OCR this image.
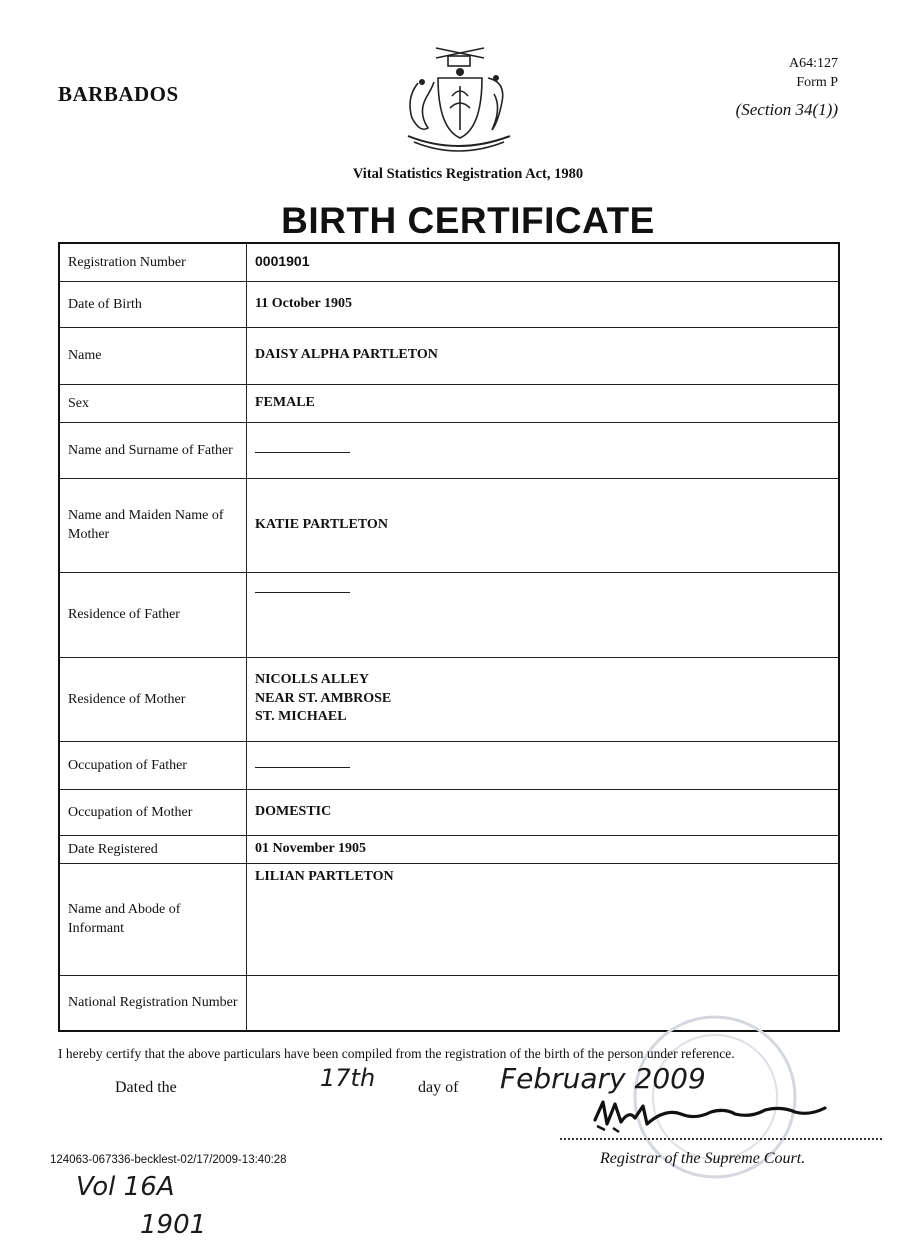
BARBADOS
A64:127
Form P
(Section 34(1))
Vital Statistics Registration Act, 1980
BIRTH CERTIFICATE
Registration Number	0001901
Date of Birth	11 October 1905
Name	DAISY ALPHA PARTLETON
Sex	FEMALE
Name and Surname of Father	
Name and Maiden Name of Mother	KATIE PARTLETON
Residence of Father	
Residence of Mother	NICOLLS ALLEY
NEAR ST. AMBROSE
ST. MICHAEL

Occupation of Father	
Occupation of Mother	DOMESTIC
Date Registered	01 November 1905
Name and Abode of Informant	LILIAN PARTLETON
National Registration Number	
I hereby certify that the above particulars have been compiled from the registration of the birth of the person under reference.
Dated the	17th	day of February 2009
Registrar of the Supreme Court.
124063-067336-becklest-02/17/2009-13:40:28
Vol 16A
1901
